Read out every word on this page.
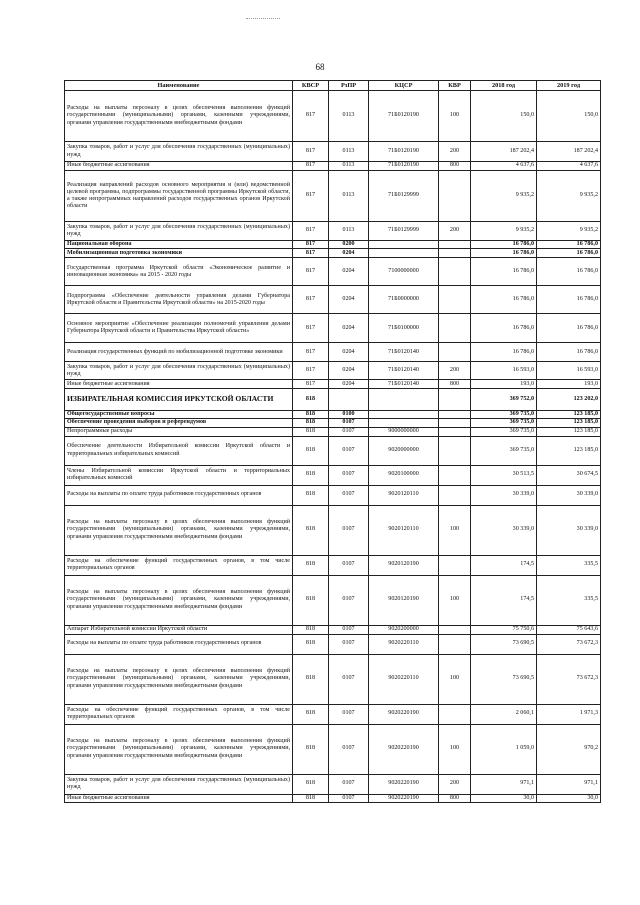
68
Наименование	КВСР	РзПР	КЦСР	КВР	2018 год	2019 год
Расходы на выплаты персоналу в целях обеспечения выполнения функций государственными (муниципальными) органами, казенными учреждениями, органами управления государственными внебюджетными фондами	817	0113	71Б0120190	100	150,0	150,0
Закупка товаров, работ и услуг для обеспечения государственных (муниципальных) нужд	817	0113	71Б0120190	200	187 202,4	187 202,4
Иные бюджетные ассигнования	817	0113	71Б0120190	800	4 637,6	4 637,6
Реализация направлений расходов основного мероприятия и (или) ведомственной целевой программы, подпрограммы государственной программы Иркутской области, а также непрограммных направлений расходов государственных органов Иркутской области	817	0113	71Б0129999		9 935,2	9 935,2
Закупка товаров, работ и услуг для обеспечения государственных (муниципальных) нужд	817	0113	71Б0129999	200	9 935,2	9 935,2
Национальная оборона	817	0200			16 786,0	16 786,0
Мобилизационная подготовка экономики	817	0204			16 786,0	16 786,0
Государственная программа Иркутской области «Экономическое развитие и инновационная экономика» на 2015 - 2020 годы	817	0204	7100000000		16 786,0	16 786,0
Подпрограмма «Обеспечение деятельности управления делами Губернатора Иркутской области и Правительства Иркутской области» на 2015-2020 годы	817	0204	71Б0000000		16 786,0	16 786,0
Основное мероприятие «Обеспечение реализации полномочий управления делами Губернатора Иркутской области и Правительства Иркутской области»	817	0204	71Б0100000		16 786,0	16 786,0
Реализация государственных функций по мобилизационной подготовке экономики	817	0204	71Б0120140		16 786,0	16 786,0
Закупка товаров, работ и услуг для обеспечения государственных (муниципальных) нужд	817	0204	71Б0120140	200	16 593,0	16 593,0
Иные бюджетные ассигнования	817	0204	71Б0120140	800	193,0	193,0
ИЗБИРАТЕЛЬНАЯ КОМИССИЯ ИРКУТСКОЙ ОБЛАСТИ	818				369 752,0	123 202,0
Общегосударственные вопросы	818	0100			369 735,0	123 185,0
Обеспечение проведения выборов и референдумов	818	0107			369 735,0	123 185,0
Непрограммные расходы	818	0107	9000000000		369 735,0	123 185,0
Обеспечение деятельности Избирательной комиссии Иркутской области и территориальных избирательных комиссий	818	0107	9020000000		369 735,0	123 185,0
Члены Избирательной комиссии Иркутской области и территориальных избирательных комиссий	818	0107	9020100000		30 513,5	30 674,5
Расходы на выплаты по оплате труда работников государственных органов	818	0107	9020120110		30 339,0	30 339,0
Расходы на выплаты персоналу в целях обеспечения выполнения функций государственными (муниципальными) органами, казенными учреждениями, органами управления государственными внебюджетными фондами	818	0107	9020120110	100	30 339,0	30 339,0
Расходы на обеспечение функций государственных органов, в том числе территориальных органов	818	0107	9020120190		174,5	335,5
Расходы на выплаты персоналу в целях обеспечения выполнения функций государственными (муниципальными) органами, казенными учреждениями, органами управления государственными внебюджетными фондами	818	0107	9020120190	100	174,5	335,5
Аппарат Избирательной комиссии Иркутской области	818	0107	9020200000		75 750,6	75 643,6
Расходы на выплаты по оплате труда работников государственных органов	818	0107	9020220110		73 690,5	73 672,3
Расходы на выплаты персоналу в целях обеспечения выполнения функций государственными (муниципальными) органами, казенными учреждениями, органами управления государственными внебюджетными фондами	818	0107	9020220110	100	73 690,5	73 672,3
Расходы на обеспечение функций государственных органов, в том числе территориальных органов	818	0107	9020220190		2 060,1	1 971,3
Расходы на выплаты персоналу в целях обеспечения выполнения функций государственными (муниципальными) органами, казенными учреждениями, органами управления государственными внебюджетными фондами	818	0107	9020220190	100	1 059,0	970,2
Закупка товаров, работ и услуг для обеспечения государственных (муниципальных) нужд	818	0107	9020220190	200	971,1	971,1
Иные бюджетные ассигнования	818	0107	9020220190	800	30,0	30,0
